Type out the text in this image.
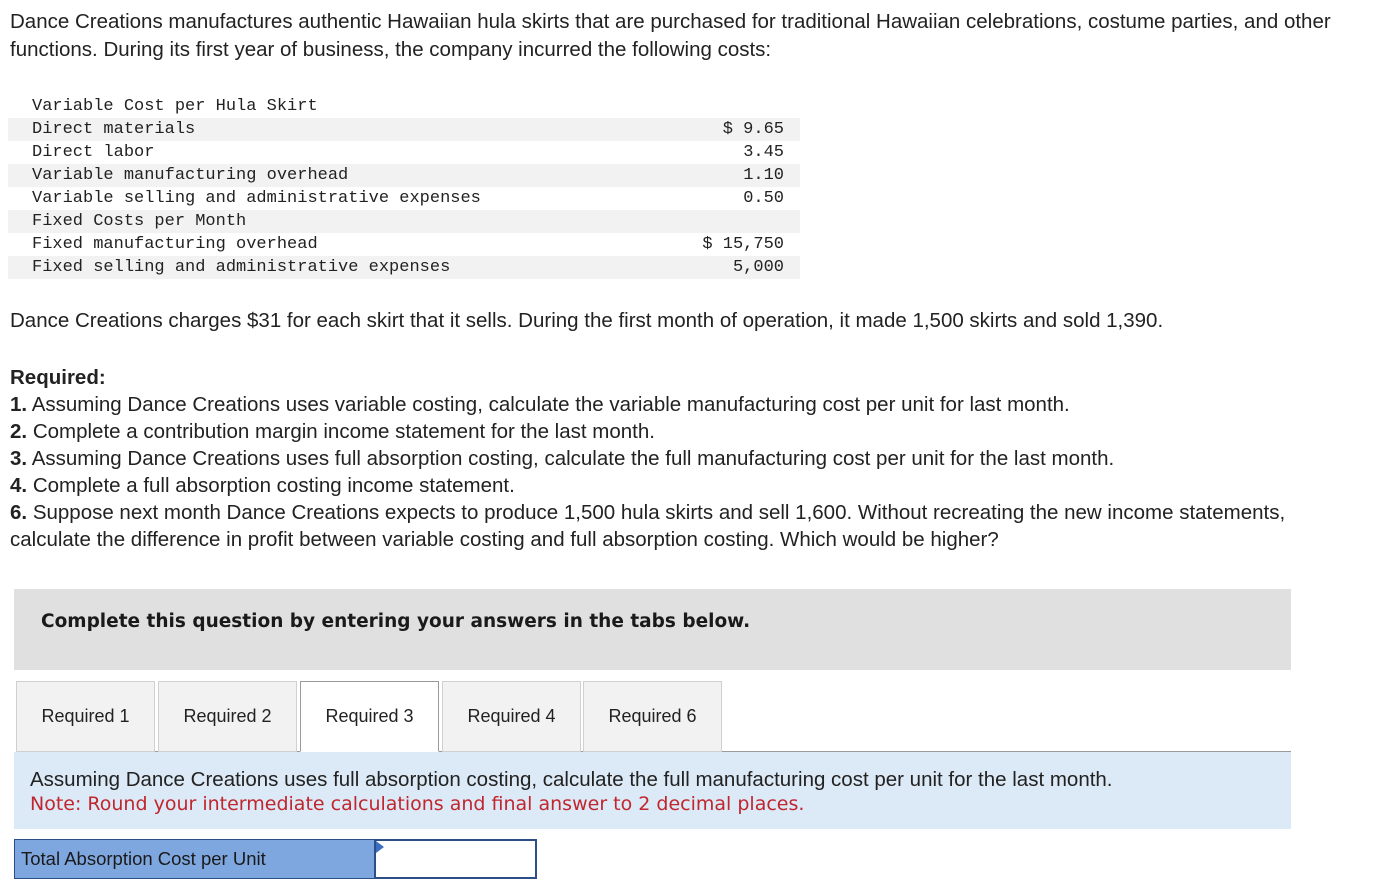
Dance Creations manufactures authentic Hawaiian hula skirts that are purchased for traditional Hawaiian celebrations, costume parties, and other functions. During its first year of business, the company incurred the following costs:

Variable Cost per Hula Skirt	
Direct materials	$ 9.65
Direct labor	3.45
Variable manufacturing overhead	1.10
Variable selling and administrative expenses	0.50
Fixed Costs per Month	
Fixed manufacturing overhead	$ 15,750
Fixed selling and administrative expenses	5,000

Dance Creations charges $31 for each skirt that it sells. During the first month of operation, it made 1,500 skirts and sold 1,390.

Required:
1. Assuming Dance Creations uses variable costing, calculate the variable manufacturing cost per unit for last month.
2. Complete a contribution margin income statement for the last month.
3. Assuming Dance Creations uses full absorption costing, calculate the full manufacturing cost per unit for the last month.
4. Complete a full absorption costing income statement.
6. Suppose next month Dance Creations expects to produce 1,500 hula skirts and sell 1,600. Without recreating the new income statements, calculate the difference in profit between variable costing and full absorption costing. Which would be higher?
Complete this question by entering your answers in the tabs below.
Required 1	Required 2	Required 3	Required 4	Required 6
Assuming Dance Creations uses full absorption costing, calculate the full manufacturing cost per unit for the last month.
Note: Round your intermediate calculations and final answer to 2 decimal places.
Total Absorption Cost per Unit
